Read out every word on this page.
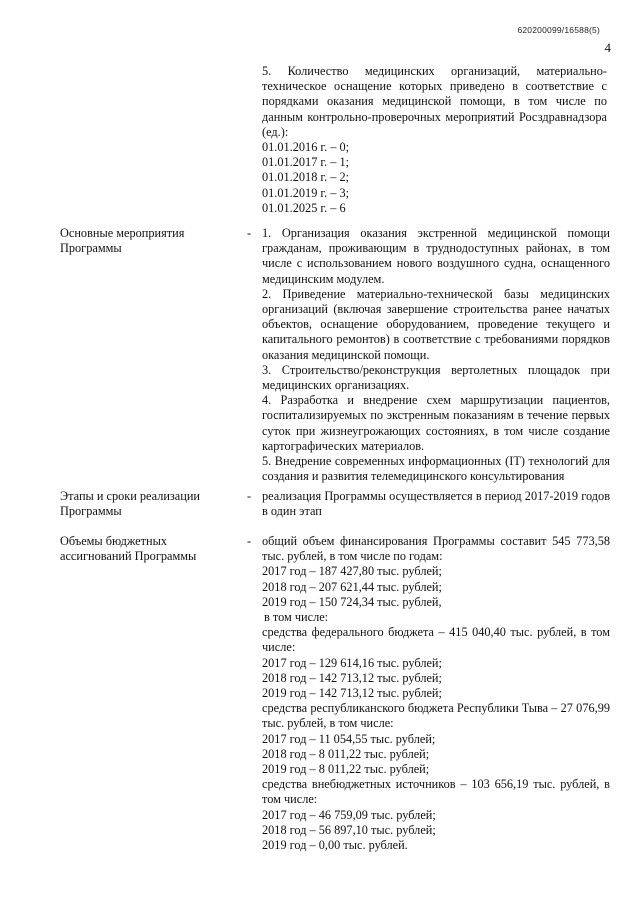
620200099/16588(5)
4

5. Количество медицинских организаций, материально-техническое оснащение которых приведено в соответствие с порядками оказания медицинской помощи, в том числе по данным контрольно-проверочных мероприятий Росздравнадзора (ед.):

01.01.2016 г. – 0;

01.01.2017 г. – 1;

01.01.2018 г. – 2;

01.01.2019 г. – 3;

01.01.2025 г. – 6

Основные мероприятия Программы
- 1. Организация оказания экстренной медицинской помощи гражданам, проживающим в труднодоступных районах, в том числе с использованием нового воздушного судна, оснащенного медицинским модулем.

2. Приведение материально-технической базы медицинских организаций (включая завершение строительства ранее начатых объектов, оснащение оборудованием, проведение текущего и капитального ремонтов) в соответствие с требованиями порядков оказания медицинской помощи.

3. Строительство/реконструкция вертолетных площадок при медицинских организациях.

4. Разработка и внедрение схем маршрутизации пациентов, госпитализируемых по экстренным показаниям в течение первых суток при жизнеугрожающих состояниях, в том числе создание картографических материалов.

5. Внедрение современных информационных (IT) технологий для создания и развития телемедицинского консультирования

Этапы и сроки реализации Программы
- реализация Программы осуществляется в период 2017-2019 годов в один этап

Объемы бюджетных ассигнований Программы
- общий объем финансирования Программы составит 545 773,58 тыс. рублей, в том числе по годам:

2017 год – 187 427,80 тыс. рублей;

2018 год – 207 621,44 тыс. рублей;

2019 год – 150 724,34 тыс. рублей,

в том числе:

средства федерального бюджета – 415 040,40 тыс. рублей, в том числе:

2017 год – 129 614,16 тыс. рублей;

2018 год – 142 713,12 тыс. рублей;

2019 год – 142 713,12 тыс. рублей;

средства республиканского бюджета Республики Тыва – 27 076,99 тыс. рублей, в том числе:

2017 год – 11 054,55 тыс. рублей;

2018 год – 8 011,22 тыс. рублей;

2019 год – 8 011,22 тыс. рублей;

средства внебюджетных источников – 103 656,19 тыс. рублей, в том числе:

2017 год – 46 759,09 тыс. рублей;

2018 год – 56 897,10 тыс. рублей;

2019 год – 0,00 тыс. рублей.
